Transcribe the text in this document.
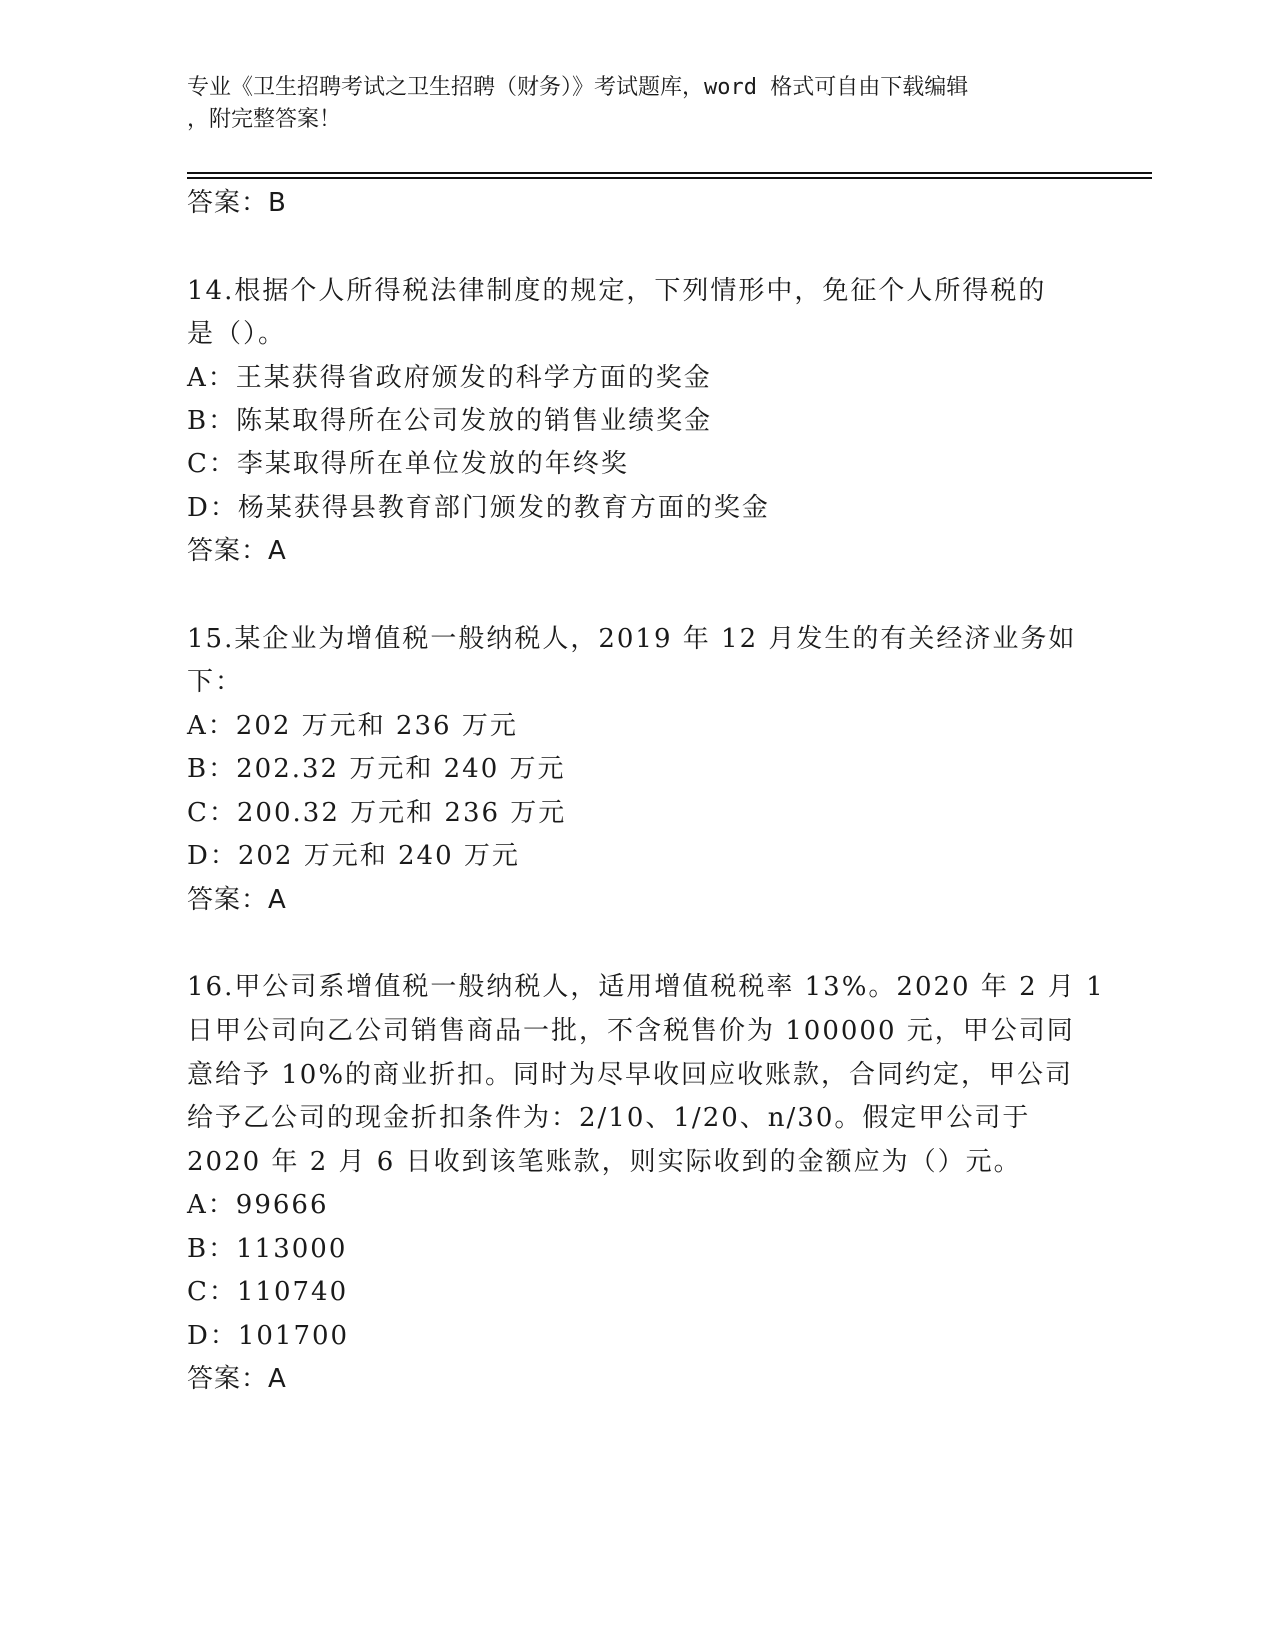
专业《卫生招聘考试之卫生招聘（财务）》考试题库，word 格式可自由下载编辑
，附完整答案！
答案：B
14.根据个人所得税法律制度的规定，下列情形中，免征个人所得税的
是（）。
A：王某获得省政府颁发的科学方面的奖金
B：陈某取得所在公司发放的销售业绩奖金
C：李某取得所在单位发放的年终奖
D：杨某获得县教育部门颁发的教育方面的奖金
答案：A
15.某企业为增值税一般纳税人，2019 年 12 月发生的有关经济业务如
下：
A：202 万元和 236 万元
B：202.32 万元和 240 万元
C：200.32 万元和 236 万元
D：202 万元和 240 万元
答案：A
16.甲公司系增值税一般纳税人，适用增值税税率 13%。2020 年 2 月 1
日甲公司向乙公司销售商品一批，不含税售价为 100000 元，甲公司同
意给予 10%的商业折扣。同时为尽早收回应收账款，合同约定，甲公司
给予乙公司的现金折扣条件为：2/10、1/20、n/30。假定甲公司于
2020 年 2 月 6 日收到该笔账款，则实际收到的金额应为（）元。
A：99666
B：113000
C：110740
D：101700
答案：A
